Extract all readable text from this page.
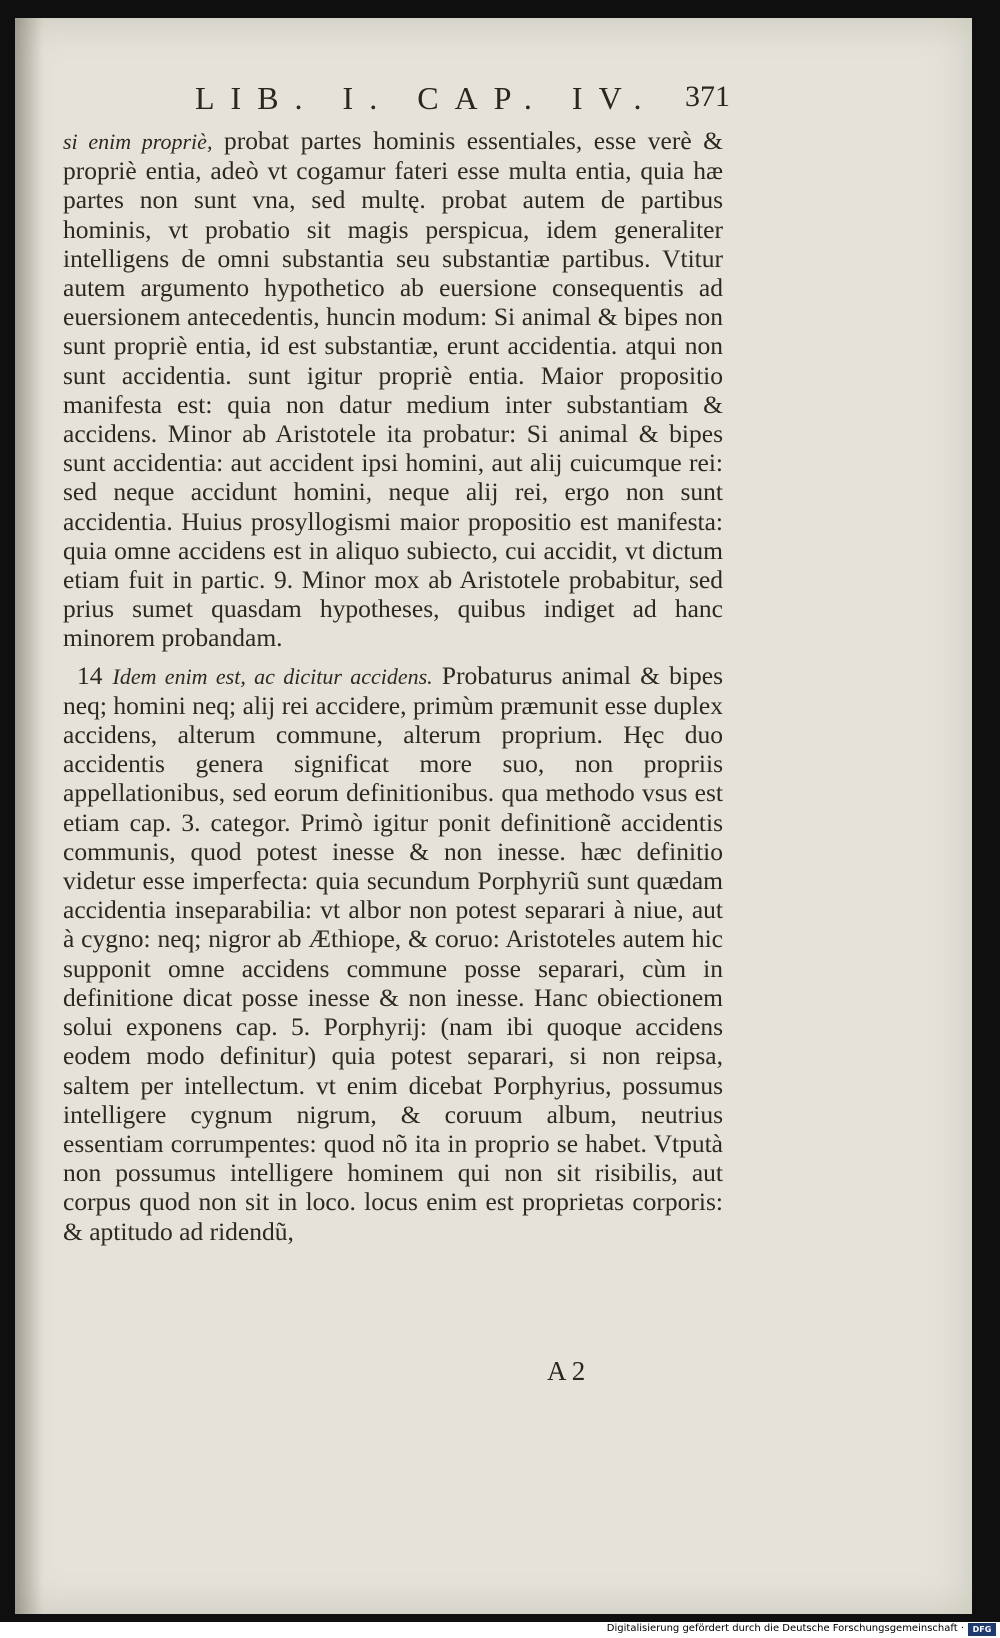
LIB. I. CAP. IV. 371

si enim propriè, probat partes hominis essentiales, esse verè & propriè entia, adeò vt cogamur fateri esse multa entia, quia hæ partes non sunt vna, sed multę. probat autem de partibus hominis, vt probatio sit magis perspicua, idem generaliter intelligens de omni substantia seu substantiæ partibus. Vtitur autem argumento hypothetico ab euersione consequentis ad euersionem antecedentis, huncin modum: Si animal & bipes non sunt propriè entia, id est substantiæ, erunt accidentia. atqui non sunt accidentia. sunt igitur propriè entia. Maior propositio manifesta est: quia non datur medium inter substantiam & accidens. Minor ab Aristotele ita probatur: Si animal & bipes sunt accidentia: aut accident ipsi homini, aut alij cuicumque rei: sed neque accidunt homini, neque alij rei, ergo non sunt accidentia. Huius prosyllogismi maior propositio est manifesta: quia omne accidens est in aliquo subiecto, cui accidit, vt dictum etiam fuit in partic. 9. Minor mox ab Aristotele probabitur, sed prius sumet quasdam hypotheses, quibus indiget ad hanc minorem probandam.

14 Idem enim est, ac dicitur accidens. Probaturus animal & bipes neq; homini neq; alij rei accidere, primùm præmunit esse duplex accidens, alterum commune, alterum proprium. Hęc duo accidentis genera significat more suo, non propriis appellationibus, sed eorum definitionibus. qua methodo vsus est etiam cap. 3. categor. Primò igitur ponit definitionẽ accidentis communis, quod potest inesse & non inesse. hæc definitio videtur esse imperfecta: quia secundum Porphyriũ sunt quædam accidentia inseparabilia: vt albor non potest separari à niue, aut à cygno: neq; nigror ab Æthiope, & coruo: Aristoteles autem hic supponit omne accidens commune posse separari, cùm in definitione dicat posse inesse & non inesse. Hanc obiectionem solui exponens cap. 5. Porphyrij: (nam ibi quoque accidens eodem modo definitur) quia potest separari, si non reipsa, saltem per intellectum. vt enim dicebat Porphyrius, possumus intelligere cygnum nigrum, & coruum album, neutrius essentiam corrumpentes: quod nõ ita in proprio se habet. Vtputà non possumus intelligere hominem qui non sit risibilis, aut corpus quod non sit in loco. locus enim est proprietas corporis: & aptitudo ad ridendũ,

A 2
Digitalisierung gefördert durch die Deutsche Forschungsgemeinschaft ·	DFG
